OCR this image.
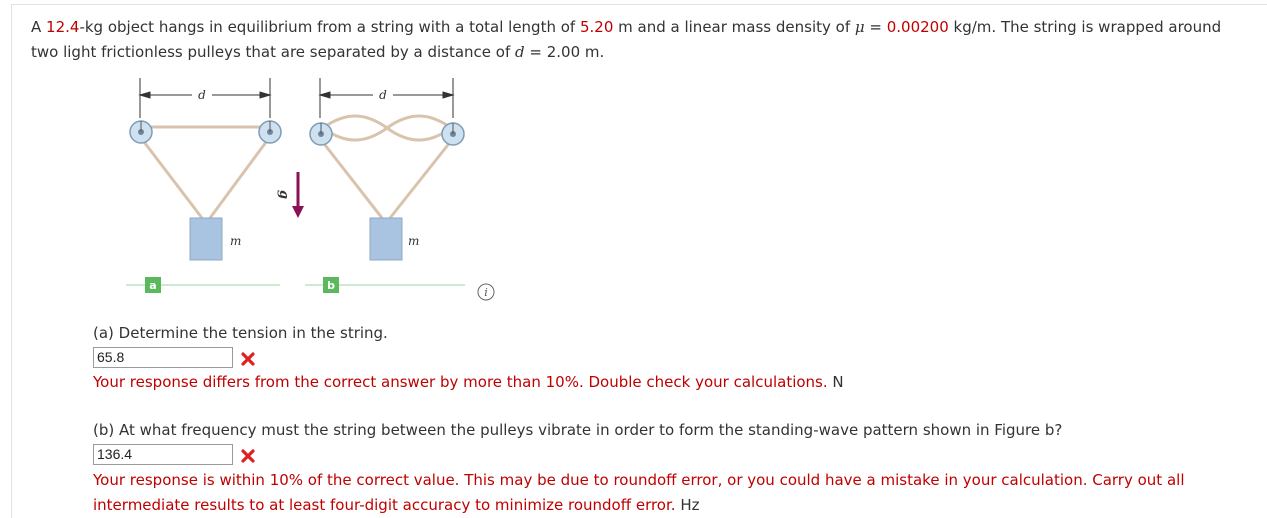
A 12.4-kg object hangs in equilibrium from a string with a total length of 5.20 m and a linear mass density of μ = 0.00200 kg/m. The string is wrapped around two light frictionless pulleys that are separated by a distance of d = 2.00 m.
d	d
m	m
g
a	b
i
(a) Determine the tension in the string.
65.8
Your response differs from the correct answer by more than 10%. Double check your calculations. N
(b) At what frequency must the string between the pulleys vibrate in order to form the standing-wave pattern shown in Figure b?
136.4
Your response is within 10% of the correct value. This may be due to roundoff error, or you could have a mistake in your calculation. Carry out all intermediate results to at least four-digit accuracy to minimize roundoff error. Hz
